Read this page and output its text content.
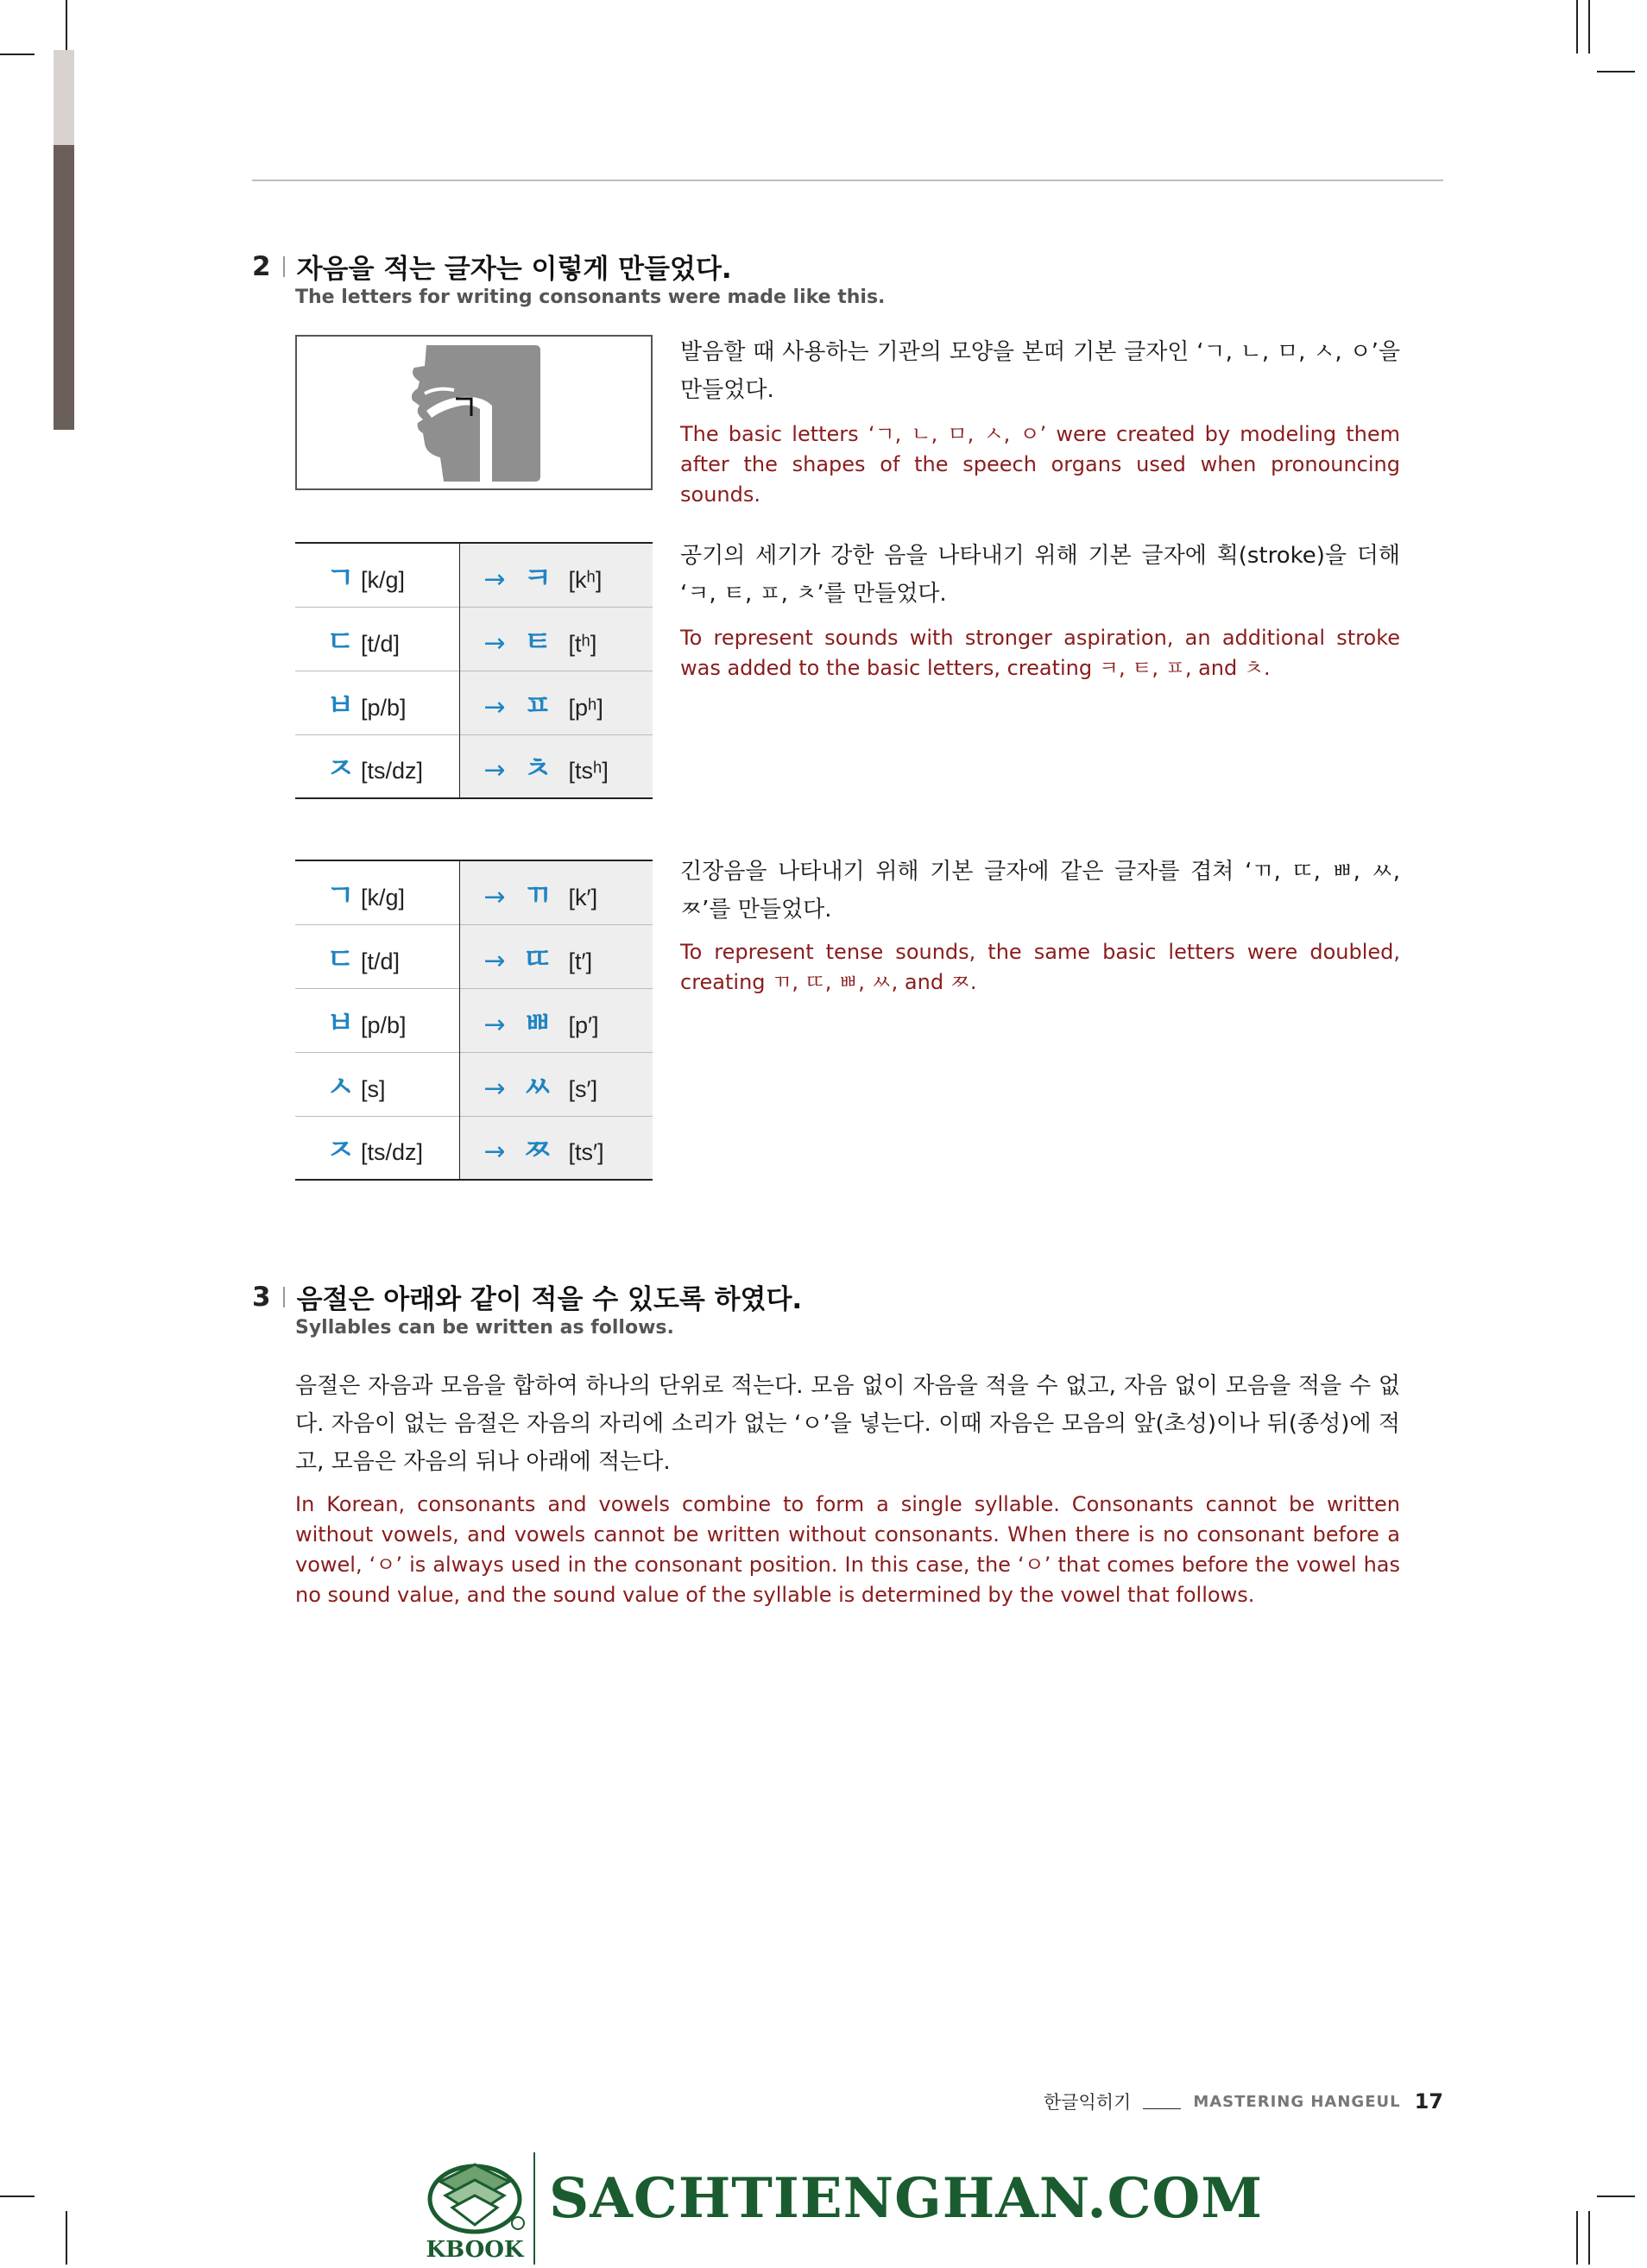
2 자음을 적는 글자는 이렇게 만들었다.
The letters for writing consonants were made like this.
발음할 때 사용하는 기관의 모양을 본떠 기본 글자인 ‘ㄱ, ㄴ, ㅁ, ㅅ, ㅇ’을 만들었다.
The basic letters ‘ㄱ, ㄴ, ㅁ, ㅅ, ㅇ’ were created by modeling them after the shapes of the speech organs used when pronouncing sounds.
ㄱ [k/g]	→ ㅋ [kʰ]
ㄷ [t/d]	→ ㅌ [tʰ]
ㅂ [p/b]	→ ㅍ [pʰ]
ㅈ [ts/dz]	→ ㅊ [tsʰ]
공기의 세기가 강한 음을 나타내기 위해 기본 글자에 획(stroke)을 더해 ‘ㅋ, ㅌ, ㅍ, ㅊ’를 만들었다.
To represent sounds with stronger aspiration, an additional stroke was added to the basic letters, creating ㅋ, ㅌ, ㅍ, and ㅊ.
ㄱ [k/g]	→ ㄲ [k′]
ㄷ [t/d]	→ ㄸ [t′]
ㅂ [p/b]	→ ㅃ [p′]
ㅅ [s]	→ ㅆ [s′]
ㅈ [ts/dz]	→ ㅉ [ts′]
긴장음을 나타내기 위해 기본 글자에 같은 글자를 겹쳐 ‘ㄲ, ㄸ, ㅃ, ㅆ, ㅉ’를 만들었다.
To represent tense sounds, the same basic letters were doubled, creating ㄲ, ㄸ, ㅃ, ㅆ, and ㅉ.
3 음절은 아래와 같이 적을 수 있도록 하였다.
Syllables can be written as follows.
음절은 자음과 모음을 합하여 하나의 단위로 적는다. 모음 없이 자음을 적을 수 없고, 자음 없이 모음을 적을 수 없다. 자음이 없는 음절은 자음의 자리에 소리가 없는 ‘ㅇ’을 넣는다. 이때 자음은 모음의 앞(초성)이나 뒤(종성)에 적고, 모음은 자음의 뒤나 아래에 적는다.
In Korean, consonants and vowels combine to form a single syllable. Consonants cannot be written without vowels, and vowels cannot be written without consonants. When there is no consonant before a vowel, ‘ㅇ’ is always used in the consonant position. In this case, the ‘ㅇ’ that comes before the vowel has no sound value, and the sound value of the syllable is determined by the vowel that follows.
한글익히기	MASTERING HANGEUL 17
KBOOK
SACHTIENGHAN.COM
